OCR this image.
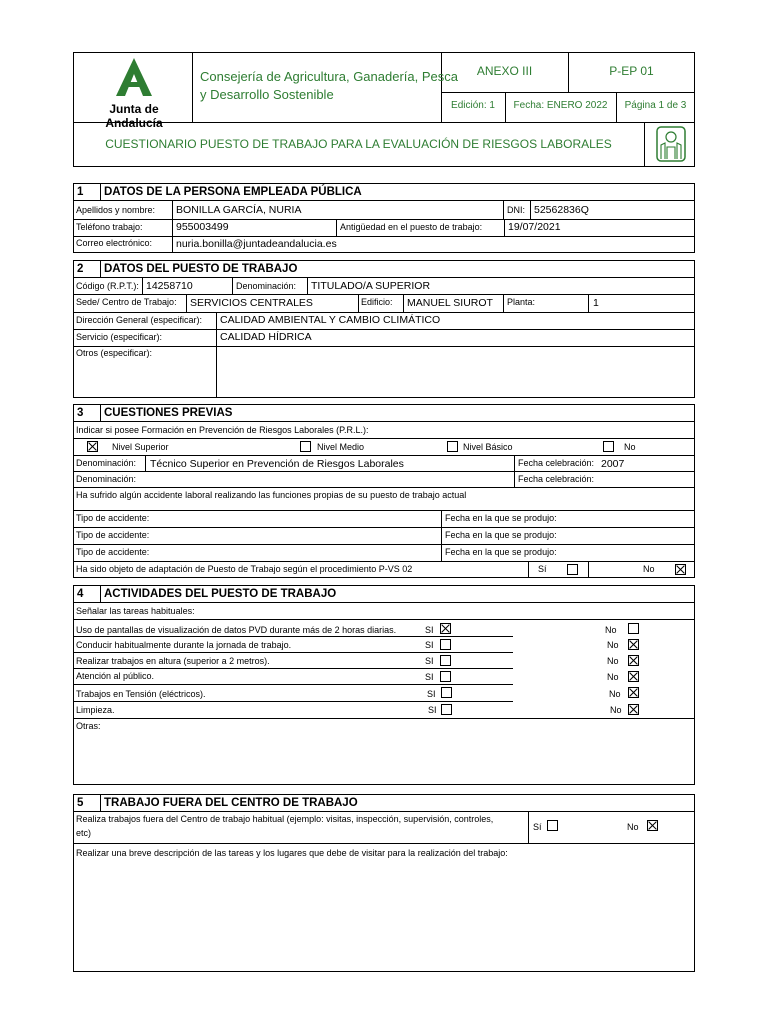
Junta de Andalucía
Consejería de Agricultura, Ganadería, Pesca
y Desarrollo Sostenible
ANEXO III	P-EP 01
Edición: 1	Fecha: ENERO 2022	Página 1 de 3
CUESTIONARIO PUESTO DE TRABAJO PARA LA EVALUACIÓN DE RIESGOS LABORALES
1 DATOS DE LA PERSONA EMPLEADA PÚBLICA
Apellidos y nombre: BONILLA GARCÍA, NURIA	DNI: 52562836Q
Teléfono trabajo:	955003499	Antigüedad en el puesto de trabajo: 19/07/2021
Correo electrónico: nuria.bonilla@juntadeandalucia.es
2 DATOS DEL PUESTO DE TRABAJO
Código (R.P.T.): 14258710	Denominación: TITULADO/A SUPERIOR
Sede/ Centro de Trabajo: SERVICIOS CENTRALES	Edificio: MANUEL SIUROT Planta:	1
Dirección General (especificar): CALIDAD AMBIENTAL Y CAMBIO CLIMÁTICO
Servicio (especificar):	CALIDAD HÍDRICA
Otros (especificar):
3 CUESTIONES PREVIAS
Indicar si posee Formación en Prevención de Riesgos Laborales (P.R.L.):
Nivel Superior	Nivel Medio	Nivel Básico	No
Denominación: Técnico Superior en Prevención de Riesgos Laborales	Fecha celebración: 2007
Denominación:	Fecha celebración:
Ha sufrido algún accidente laboral realizando las funciones propias de su puesto de trabajo actual
Tipo de accidente:	Fecha en la que se produjo:
Tipo de accidente:	Fecha en la que se produjo:
Tipo de accidente:	Fecha en la que se produjo:
Ha sido objeto de adaptación de Puesto de Trabajo según el procedimiento P-VS 02	Sí	No
4 ACTIVIDADES DEL PUESTO DE TRABAJO
Señalar las tareas habituales:
Uso de pantallas de visualización de datos PVD durante más de 2 horas diarias.	SI	No
Conducir habitualmente durante la jornada de trabajo.	SI	No
Realizar trabajos en altura (superior a 2 metros).	SI	No
Atención al público.	SI	No
Trabajos en Tensión (eléctricos).	SI	No
Limpieza.	SI	No
Otras:
5 TRABAJO FUERA DEL CENTRO DE TRABAJO
Realiza trabajos fuera del Centro de trabajo habitual (ejemplo: visitas, inspección, supervisión, controles,
etc)
Sí	No
Realizar una breve descripción de las tareas y los lugares que debe de visitar para la realización del trabajo:
